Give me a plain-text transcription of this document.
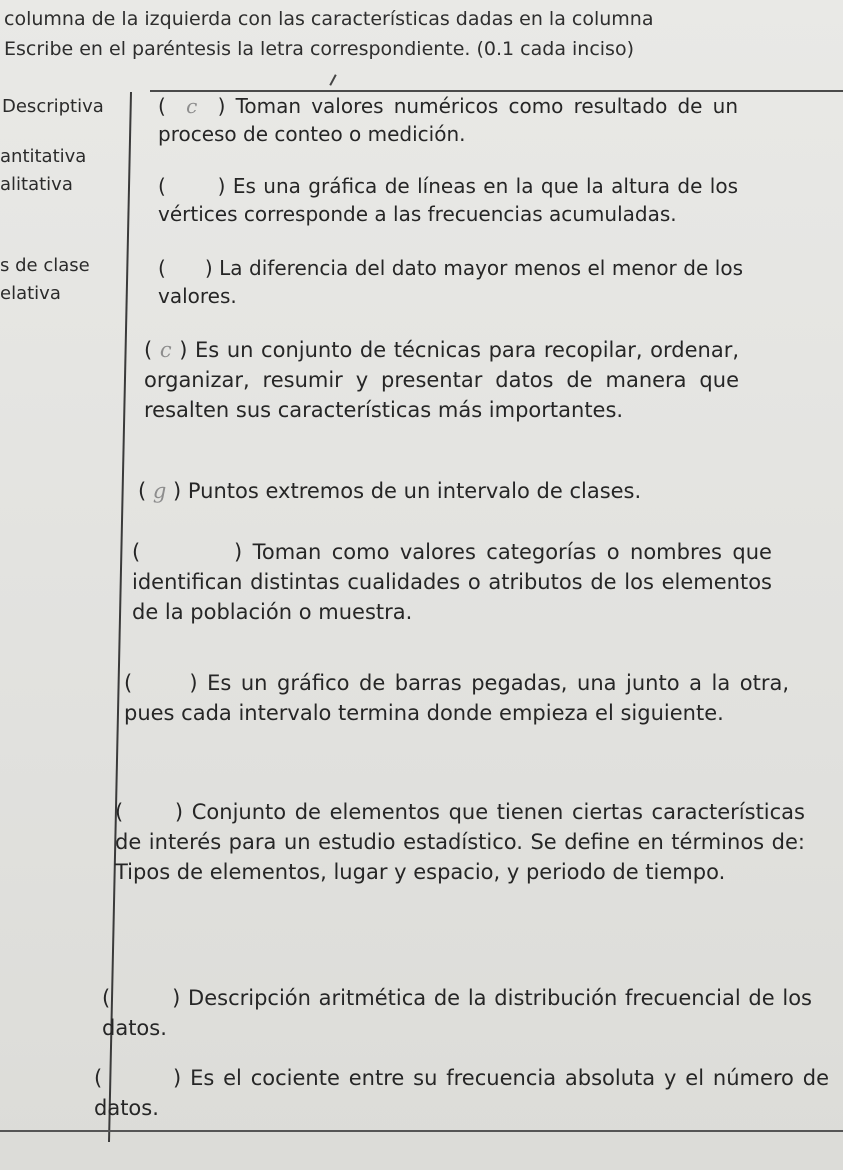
columna de la izquierda con las características dadas en la columna
Escribe en el paréntesis la letra correspondiente. (0.1 cada inciso)
Descriptiva
antitativa
alitativa
s de clase
elativa
(  c  ) Toman valores numéricos como resultado de un proceso de conteo o medición.
(       ) Es una gráfica de líneas en la que la altura de los vértices corresponde a las frecuencias acumuladas.
(      ) La diferencia del dato mayor menos el menor de los valores.
( c ) Es un conjunto de técnicas para recopilar, ordenar, organizar, resumir y presentar datos de manera que resalten sus características más importantes.
( g ) Puntos extremos de un intervalo de clases.
(         ) Toman como valores categorías o nombres que identifican distintas cualidades o atributos de los elementos de la población o muestra.
(      ) Es un gráfico de barras pegadas, una junto a la otra, pues cada intervalo termina donde empieza el siguiente.
(      ) Conjunto de elementos que tienen ciertas características de interés para un estudio estadístico. Se define en términos de: Tipos de elementos, lugar y espacio, y periodo de tiempo.
(        ) Descripción aritmética de la distribución frecuencial de los datos.
(        ) Es el cociente entre su frecuencia absoluta y el número de datos.
